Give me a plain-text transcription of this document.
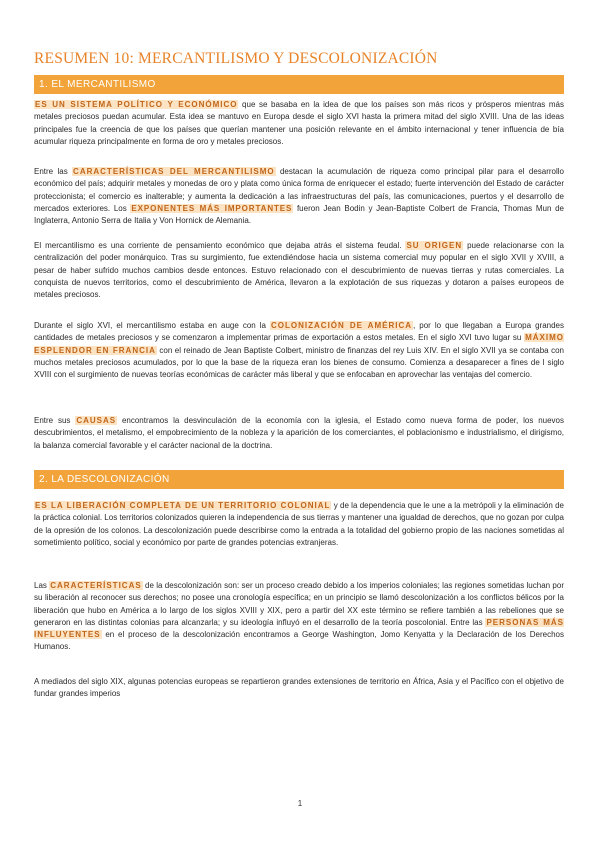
RESUMEN 10: MERCANTILISMO Y DESCOLONIZACIÓN
1. EL MERCANTILISMO

ES UN SISTEMA POLÍTICO Y ECONÓMICO que se basaba en la idea de que los países son más ricos y prósperos mientras más metales preciosos puedan acumular. Esta idea se mantuvo en Europa desde el siglo XVI hasta la primera mitad del siglo XVIII. Una de las ideas principales fue la creencia de que los países que querían mantener una posición relevante en el ámbito internacional y tener influencia de bía acumular riqueza principalmente en forma de oro y metales preciosos.

Entre las CARACTERÍSTICAS DEL MERCANTILISMO destacan la acumulación de riqueza como principal pilar para el desarrollo económico del país; adquirir metales y monedas de oro y plata como única forma de enriquecer el estado; fuerte intervención del Estado de carácter proteccionista; el comercio es inalterable; y aumenta la dedicación a las infraestructuras del país, las comunicaciones, puertos y el desarrollo de mercados exteriores. Los EXPONENTES MÁS IMPORTANTES fueron Jean Bodin y Jean-Baptiste Colbert de Francia, Thomas Mun de Inglaterra, Antonio Serra de Italia y Von Hornick de Alemania.

El mercantilismo es una corriente de pensamiento económico que dejaba atrás el sistema feudal. SU ORIGEN puede relacionarse con la centralización del poder monárquico. Tras su surgimiento, fue extendiéndose hacia un sistema comercial muy popular en el siglo XVII y XVIII, a pesar de haber sufrido muchos cambios desde entonces. Estuvo relacionado con el descubrimiento de nuevas tierras y rutas comerciales. La conquista de nuevos territorios, como el descubrimiento de América, llevaron a la explotación de sus riquezas y dotaron a países europeos de metales preciosos.

Durante el siglo XVI, el mercantilismo estaba en auge con la COLONIZACIÓN DE AMÉRICA, por lo que llegaban a Europa grandes cantidades de metales preciosos y se comenzaron a implementar primas de exportación a estos metales. En el siglo XVI tuvo lugar su MÁXIMO ESPLENDOR EN FRANCIA con el reinado de Jean Baptiste Colbert, ministro de finanzas del rey Luis XIV. En el siglo XVII ya se contaba con muchos metales preciosos acumulados, por lo que la base de la riqueza eran los bienes de consumo. Comienza a desaparecer a fines de l siglo XVIII con el surgimiento de nuevas teorías económicas de carácter más liberal y que se enfocaban en aprovechar las ventajas del comercio.

Entre sus CAUSAS encontramos la desvinculación de la economía con la iglesia, el Estado como nueva forma de poder, los nuevos descubrimientos, el metalismo, el empobrecimiento de la nobleza y la aparición de los comerciantes, el poblacionismo e industrialismo, el dirigismo, la balanza comercial favorable y el carácter nacional de la doctrina.

2. LA DESCOLONIZACIÓN

ES LA LIBERACIÓN COMPLETA DE UN TERRITORIO COLONIAL y de la dependencia que le une a la metrópoli y la eliminación de la práctica colonial. Los territorios colonizados quieren la independencia de sus tierras y mantener una igualdad de derechos, que no gozan por culpa de la opresión de los colonos. La descolonización puede describirse como la entrada a la totalidad del gobierno propio de las naciones sometidas al sometimiento político, social y económico por parte de grandes potencias extranjeras.

Las CARACTERÍSTICAS de la descolonización son: ser un proceso creado debido a los imperios coloniales; las regiones sometidas luchan por su liberación al reconocer sus derechos; no posee una cronología específica; en un principio se llamó descolonización a los conflictos bélicos por la liberación que hubo en América a lo largo de los siglos XVIII y XIX, pero a partir del XX este término se refiere también a las rebeliones que se generaron en las distintas colonias para alcanzarla; y su ideología influyó en el desarrollo de la teoría poscolonial. Entre las PERSONAS MÁS INFLUYENTES en el proceso de la descolonización encontramos a George Washington, Jomo Kenyatta y la Declaración de los Derechos Humanos.

A mediados del siglo XIX, algunas potencias europeas se repartieron grandes extensiones de territorio en África, Asia y el Pacífico con el objetivo de fundar grandes imperios

1
